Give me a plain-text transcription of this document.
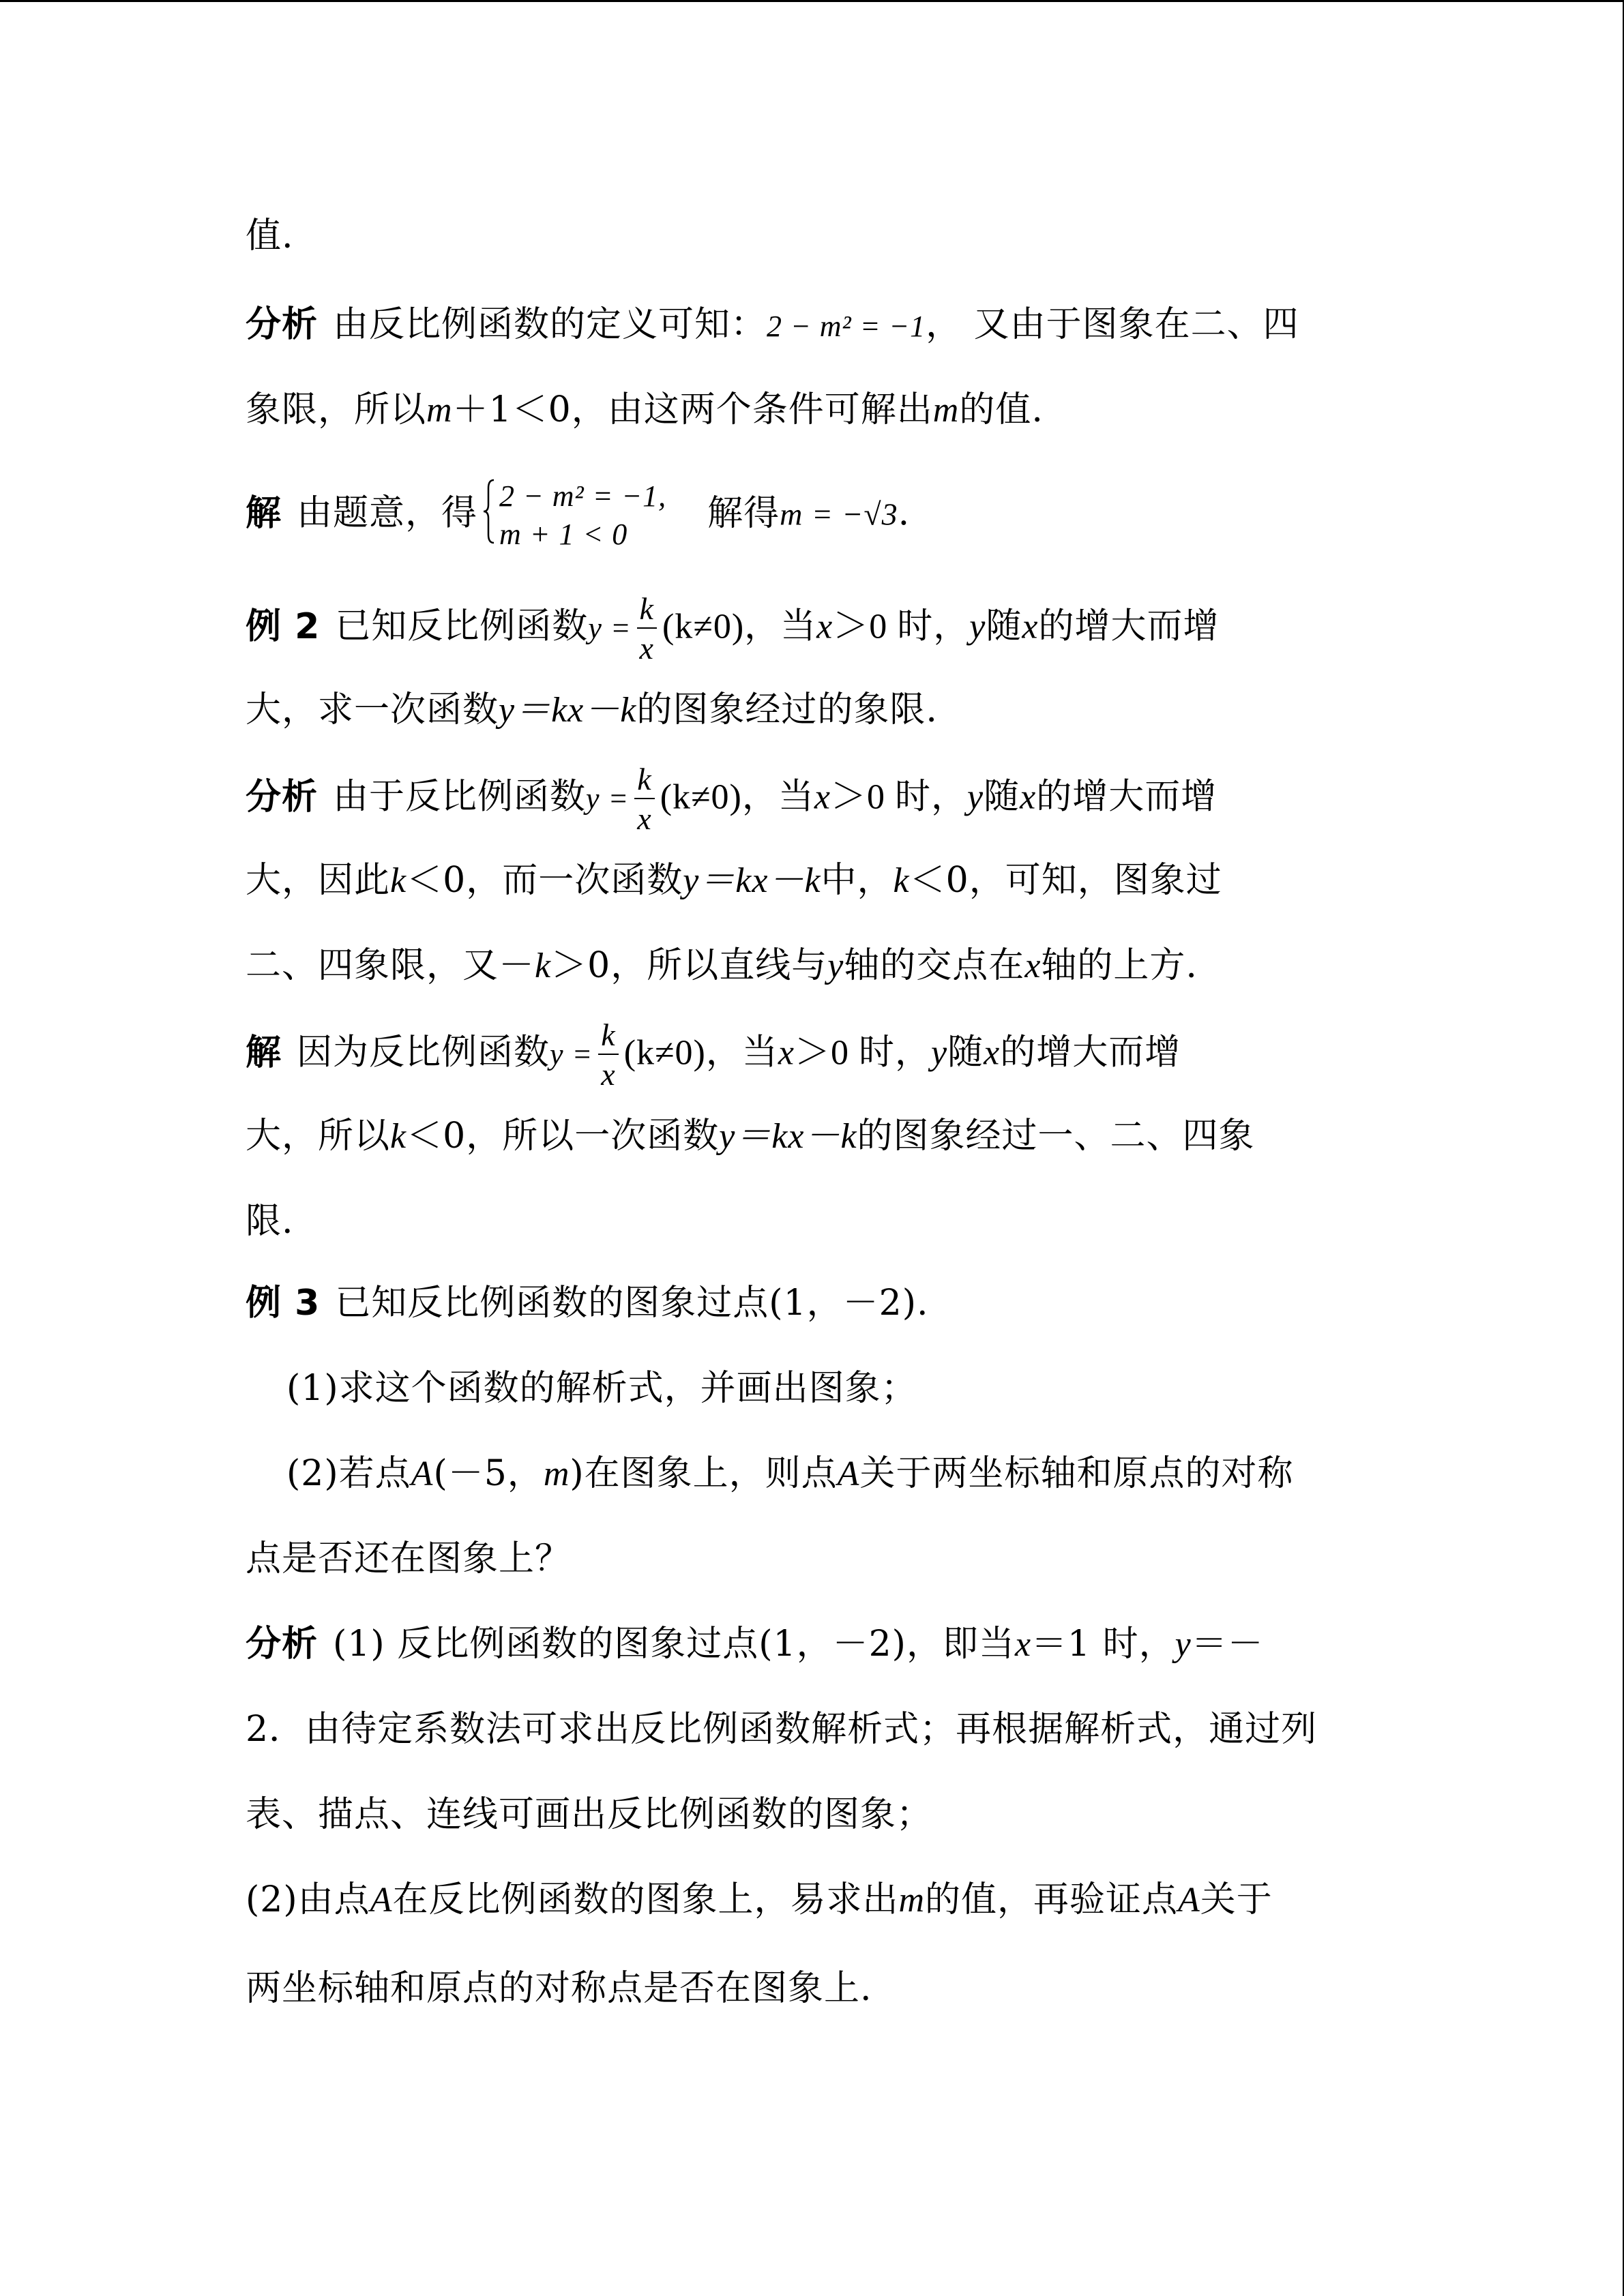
值.
分析 由反比例函数的定义可知：2 − m² = −1， 又由于图象在二、四
象限，所以m＋1＜0，由这两个条件可解出m的值.
解 由题意，得 2 − m² = −1,
m + 1 < 0
解得m = −√3.
例 2 已知反比例函数$y = \frac{k}{x} (k\ne 0)$，当x＞0 时，y随x的增大而增
大，求一次函数y＝kx－k的图象经过的象限.
分析 由于反比例函数$y = \frac{k}{x} (k\ne 0)$，当x＞0 时，y随x的增大而增
大，因此k＜0，而一次函数y＝kx－k中，k＜0，可知，图象过
二、四象限，又－k＞0，所以直线与y轴的交点在x轴的上方.
解 因为反比例函数$y = \frac{k}{x} (k\ne 0)$，当x＞0 时，y随x的增大而增
大，所以k＜0，所以一次函数y＝kx－k的图象经过一、二、四象
限.
例 3 已知反比例函数的图象过点(1，－2).
(1)求这个函数的解析式，并画出图象；
(2)若点A(－5，m)在图象上，则点A关于两坐标轴和原点的对称
点是否还在图象上？
分析 (1) 反比例函数的图象过点(1，－2)，即当x＝1 时，y＝－
2．由待定系数法可求出反比例函数解析式；再根据解析式，通过列
表、描点、连线可画出反比例函数的图象；
(2)由点A在反比例函数的图象上，易求出m的值，再验证点A关于
两坐标轴和原点的对称点是否在图象上.
